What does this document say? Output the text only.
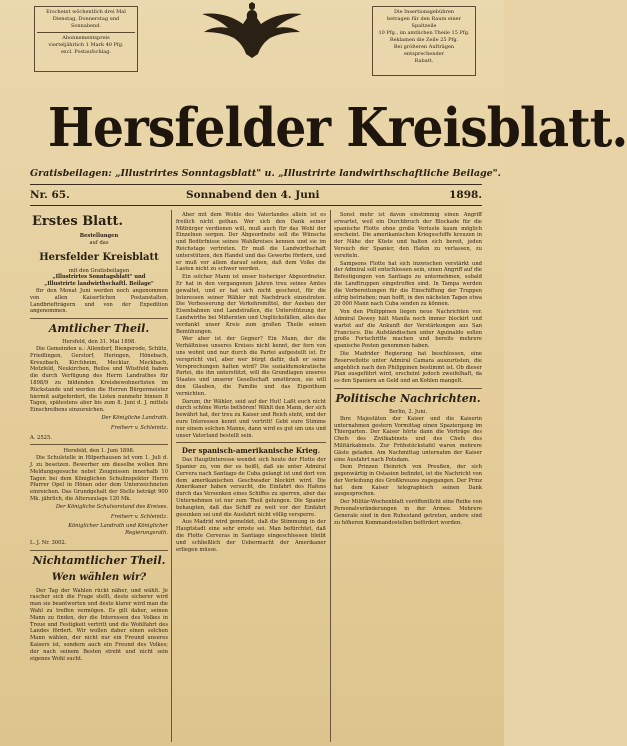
Erscheint wöchentlich drei Mal
Dienstag, Donnerstag und Sonnabend.
Abonnementspreis
vierteljährlich 1 Mark 40 Pfg.
excl. Postaufschlag.
Die Insertionsgebühren
betragen für den Raum einer Spaltzeile
10 Pfg., im amtlichen Theile 15 Pfg.
Reklamen die Zeile 25 Pfg.
Bei größeren Aufträgen entsprechender
Rabatt.
Hersfelder Kreisblatt.
Gratisbeilagen: „Illustrirtes Sonntagsblatt" u. „Illustrirte landwirthschaftliche Beilage".
Nr. 65.	Sonnabend den 4. Juni	1898.
Erstes Blatt.
Bestellungen
auf das
Hersfelder Kreisblatt
mit den Gratisbeilagen
„Illustrirtes Sonntagsblatt" und
„Illustrirte landwirthschaftl. Beilage"
für den Monat Juni werden noch angenommen von allen Kaiserlichen Postanstalten, Landbriefträgern und von der Expedition angenommen.
Amtlicher Theil.
Hersfeld, den 31. Mai 1898.
Die Gemeinden u.: Allendorf, Biengerode, Schlitz, Friedlingen, Gerstorf, Heringen, Hönebach, Kreuzbach, Kirchheim, Mecklar, Meckbach, Motzfeld, Neukirchen, Reilos und Wüstfeld haben die durch Verfügung des Herrn Landrathes für 1898/9 zu bildenden Kreisbewohnerlisten im Rückstande und werden die Herren Bürgermeister hiermit aufgefordert, die Listen nunmehr binnen 8 Tagen, spätestens aber bis zum 8. Juni d. J. mittels Einschreibens einzureichen.
Der Königliche Landrath.
Freiherr v. Schleinitz.
A. 2525.
Hersfeld, den 1. Juni 1898.
Die Schulstelle in Hilperhausen ist vom 1. Juli d. J. zu besetzen. Bewerber um dieselbe wollen ihre Meldungsgesuche nebst Zeugnissen innerhalb 10 Tagen bei dem Königlichen Schulinspektor Herrn Pfarrer Opel in Hönen oder dem Unterzeichneten einreichen. Das Grundgehalt der Stelle beträgt 900 Mk. jährlich, die Alterszulage 120 Mk.
Der Königliche Schulvorstand des Kreises.
Freiherr v. Schleinitz.
Königlicher Landrath und Königlicher Regierungsrath.
L. J. Nr. 3002.
Nichtamtlicher Theil.
Wen wählen wir?
Der Tag der Wahlen rückt näher, und wählt. Je rascher sich die Frage stellt, desto sicherer wird man sie beantworten und desto klarer wird man die Wahl zu treffen vermögen. Es gilt daher, seinen Mann zu finden, der die Interessen des Volkes in Treue und Festigkeit vertritt und die Wohlfahrt des Landes fördert. Wir wollen daher einen solchen Mann wählen, der nicht nur ein Freund unseres Kaisers ist, sondern auch ein Freund des Volkes; der nach seinem Besten strebt und nicht sein eigenes Wohl sucht.
Aber mit dem Wohle des Vaterlandes allein ist es freilich nicht gethan. Wer sich den Dank seiner Mitbürger verdienen will, muß auch für das Wohl der Einzelnen sorgen. Der Abgeordnete soll die Wünsche und Bedürfnisse seines Wahlkreises kennen und sie im Reichstage vertreten. Er muß die Landwirthschaft unterstützen, den Handel und das Gewerbe fördern, und er muß vor allem darauf sehen, daß dem Volke die Lasten nicht zu schwer werden.
Ein solcher Mann ist unser bisheriger Abgeordneter. Er hat in den vergangenen Jahren treu seines Amtes gewaltet, und er hat sich nicht gescheut, für die Interessen seiner Wähler mit Nachdruck einzutreten. Die Verbesserung der Verkehrsmittel, der Ausbau der Eisenbahnen und Landstraßen, die Unterstützung der Landwirthe bei Mißernten und Unglücksfällen, alles das verdankt unser Kreis zum großen Theile seinen Bemühungen.
Wer aber ist der Gegner? Ein Mann, der die Verhältnisse unseres Kreises nicht kennt, der fern von uns wohnt und nur durch die Partei aufgestellt ist. Er verspricht viel, aber wer bürgt dafür, daß er seine Versprechungen halten wird? Die sozialdemokratische Partei, die ihn unterstützt, will die Grundlagen unseres Staates und unserer Gesellschaft umstürzen, sie will den Glauben, die Familie und das Eigenthum vernichten.
Darum, ihr Wähler, seid auf der Hut! Laßt euch nicht durch schöne Worte bethören! Wählt den Mann, der sich bewährt hat, der treu zu Kaiser und Reich steht, und der eure Interessen kennt und vertritt! Gebt eure Stimme nur einem solchen Manne, dann wird es gut um uns und unser Vaterland bestellt sein.
Der spanisch-amerikanische Krieg.
Das Hauptinteresse wendet sich heute der Flotte der Spanier zu, von der es heißt, daß sie unter Admiral Cervera nach Santiago de Cuba gelangt ist und dort von dem amerikanischen Geschwader blockirt wird. Die Amerikaner haben versucht, die Einfahrt des Hafens durch das Versenken eines Schiffes zu sperren, aber das Unternehmen ist nur zum Theil gelungen. Die Spanier behaupten, daß das Schiff zu weit vor der Einfahrt gesunken sei und die Ausfahrt nicht völlig versperre.
Aus Madrid wird gemeldet, daß die Stimmung in der Hauptstadt eine sehr ernste sei. Man befürchtet, daß die Flotte Cerveras in Santiago eingeschlossen bleibt und schließlich der Uebermacht der Amerikaner erliegen müsse.
Sonst mehr ist davon einstimmig einen Angriff erwartet, weil ein Durchbruch der Blockade für die spanische Flotte ohne große Verluste kaum möglich erscheint. Die amerikanischen Kriegsschiffe kreuzen in der Nähe der Küste und halten sich bereit, jeden Versuch der Spanier, den Hafen zu verlassen, zu vereiteln.
Sampsons Flotte hat sich inzwischen verstärkt und der Admiral soll entschlossen sein, einen Angriff auf die Befestigungen von Santiago zu unternehmen, sobald die Landtruppen eingetroffen sind. In Tampa werden die Vorbereitungen für die Einschiffung der Truppen eifrig betrieben; man hofft, in den nächsten Tagen etwa 20 000 Mann nach Cuba senden zu können.
Von den Philippinen liegen neue Nachrichten vor. Admiral Dewey hält Manila noch immer blockirt und wartet auf die Ankunft der Verstärkungen aus San Francisco. Die Aufständischen unter Aguinaldo sollen große Fortschritte machen und bereits mehrere spanische Posten genommen haben.
Die Madrider Regierung hat beschlossen, eine Reserveflotte unter Admiral Camara auszurüsten, die angeblich nach den Philippinen bestimmt ist. Ob dieser Plan ausgeführt wird, erscheint jedoch zweifelhaft, da es den Spaniern an Geld und an Kohlen mangelt.
Politische Nachrichten.
Berlin, 2. Juni.
Ihre Majestäten der Kaiser und die Kaiserin unternahmen gestern Vormittag einen Spaziergang im Thiergarten. Der Kaiser hörte dann die Vorträge des Chefs des Zivilkabinets und des Chefs des Militärkabinets. Zur Frühstückstafel waren mehrere Gäste geladen. Am Nachmittag unternahm der Kaiser eine Ausfahrt nach Potsdam.
Dem Prinzen Heinrich von Preußen, der sich gegenwärtig in Ostasien befindet, ist die Nachricht von der Verleihung des Großkreuzes zugegangen. Der Prinz hat dem Kaiser telegraphisch seinen Dank ausgesprochen.
Der Militär-Wochenblatt veröffentlicht eine Reihe von Personalveränderungen in der Armee. Mehrere Generale sind in den Ruhestand getreten, andere sind zu höheren Kommandostellen befördert worden.
